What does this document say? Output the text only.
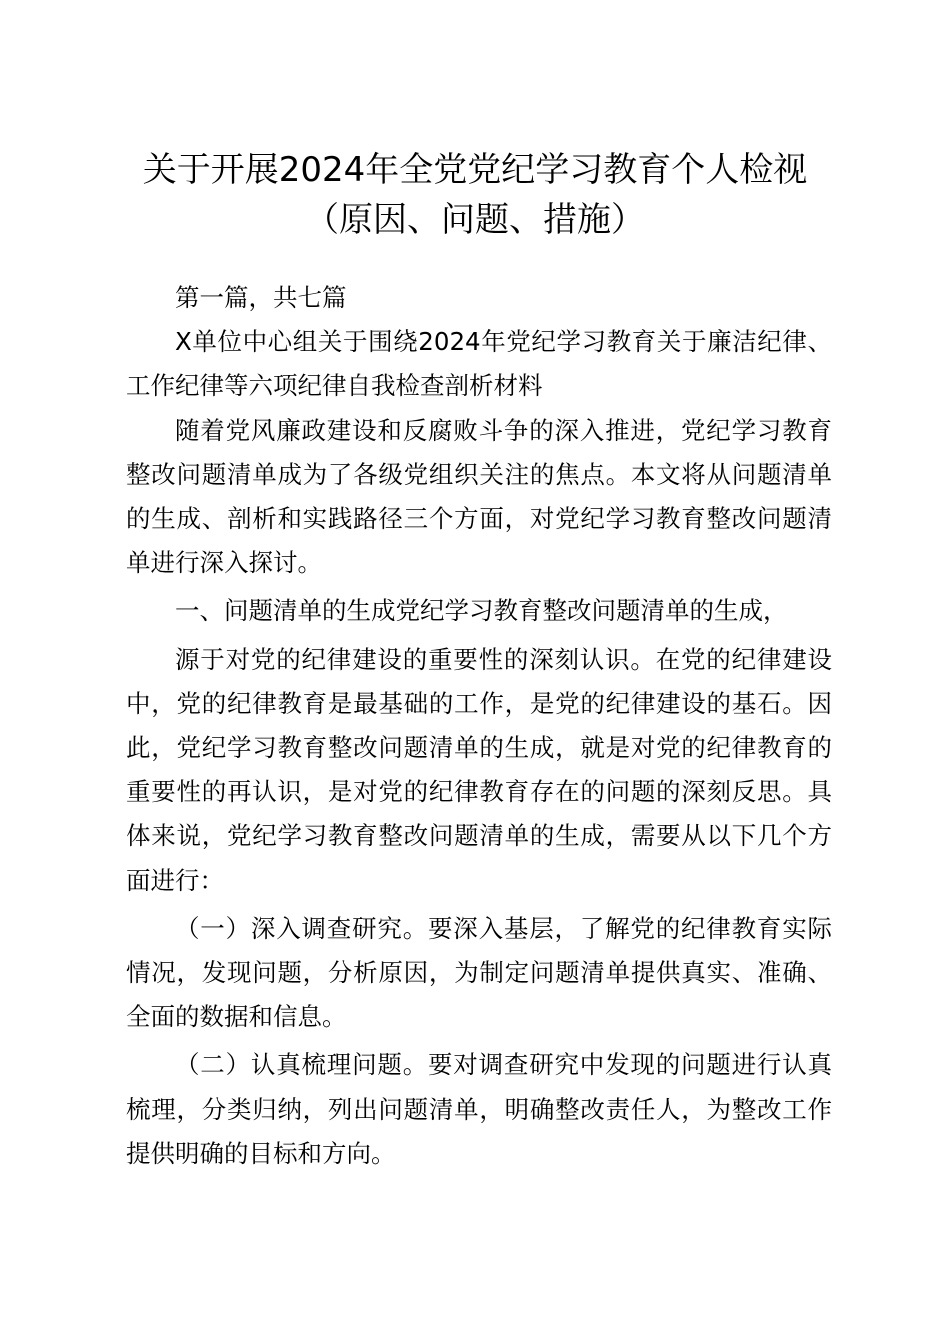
关于开展2024年全党党纪学习教育个人检视
（原因、问题、措施）

第一篇，共七篇

X单位中心组关于围绕2024年党纪学习教育关于廉洁纪律、工作纪律等六项纪律自我检查剖析材料

随着党风廉政建设和反腐败斗争的深入推进，党纪学习教育整改问题清单成为了各级党组织关注的焦点。本文将从问题清单的生成、剖析和实践路径三个方面，对党纪学习教育整改问题清单进行深入探讨。

一、问题清单的生成党纪学习教育整改问题清单的生成，

源于对党的纪律建设的重要性的深刻认识。在党的纪律建设中，党的纪律教育是最基础的工作，是党的纪律建设的基石。因此，党纪学习教育整改问题清单的生成，就是对党的纪律教育的重要性的再认识，是对党的纪律教育存在的问题的深刻反思。具体来说，党纪学习教育整改问题清单的生成，需要从以下几个方面进行：

（一）深入调查研究。要深入基层，了解党的纪律教育实际情况，发现问题，分析原因，为制定问题清单提供真实、准确、全面的数据和信息。

（二）认真梳理问题。要对调查研究中发现的问题进行认真梳理，分类归纳，列出问题清单，明确整改责任人，为整改工作提供明确的目标和方向。
